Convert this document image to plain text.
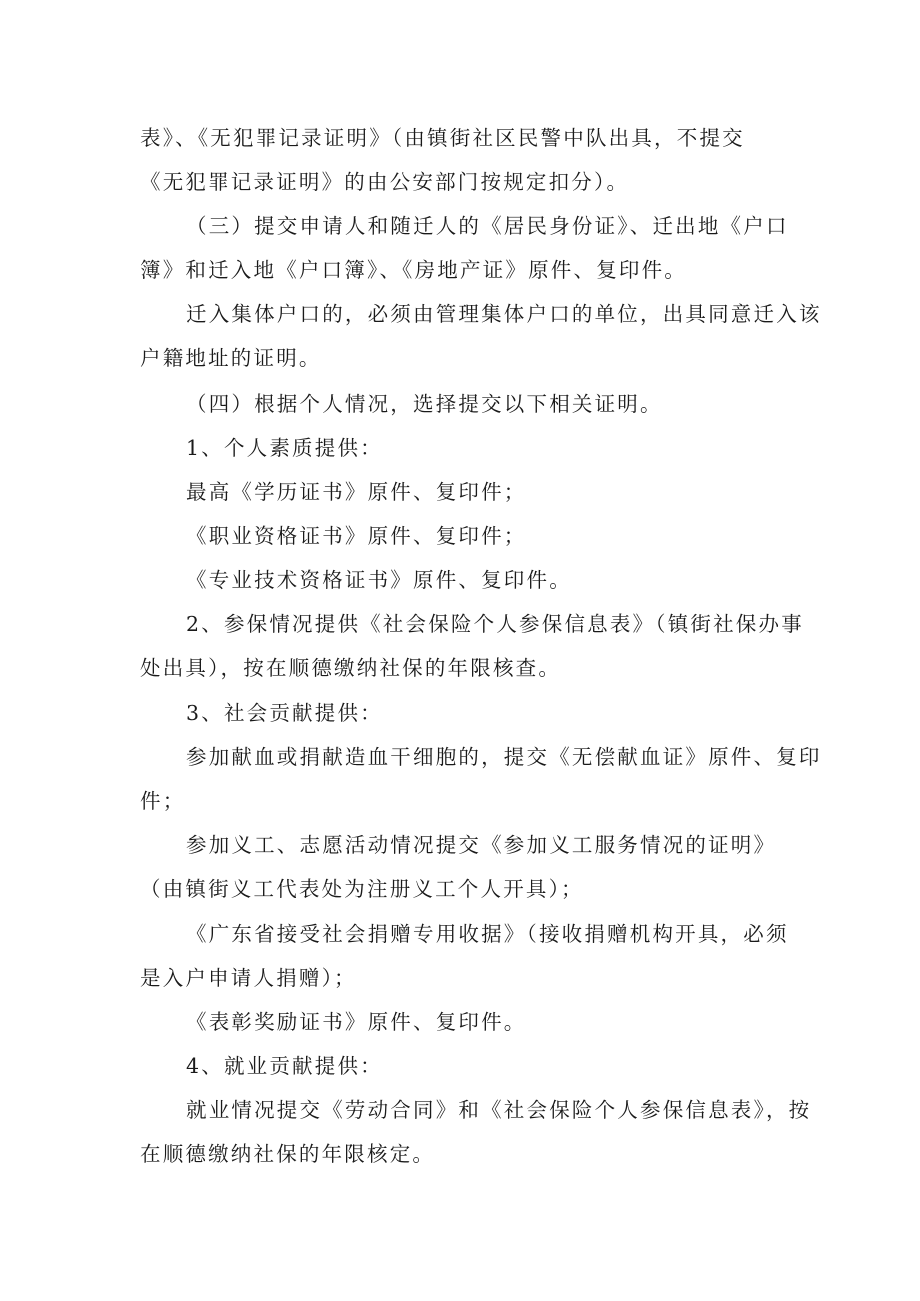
表》、《无犯罪记录证明》（由镇街社区民警中队出具，不提交
《无犯罪记录证明》的由公安部门按规定扣分）。
（三）提交申请人和随迁人的《居民身份证》、迁出地《户口
簿》和迁入地《户口簿》、《房地产证》原件、复印件。
迁入集体户口的，必须由管理集体户口的单位，出具同意迁入该
户籍地址的证明。
（四）根据个人情况，选择提交以下相关证明。
1、个人素质提供：
最高《学历证书》原件、复印件；
《职业资格证书》原件、复印件；
《专业技术资格证书》原件、复印件。
2、参保情况提供《社会保险个人参保信息表》（镇街社保办事
处出具），按在顺德缴纳社保的年限核查。
3、社会贡献提供：
参加献血或捐献造血干细胞的，提交《无偿献血证》原件、复印
件；
参加义工、志愿活动情况提交《参加义工服务情况的证明》
（由镇街义工代表处为注册义工个人开具）；
《广东省接受社会捐赠专用收据》（接收捐赠机构开具，必须
是入户申请人捐赠）；
《表彰奖励证书》原件、复印件。
4、就业贡献提供：
就业情况提交《劳动合同》和《社会保险个人参保信息表》，按
在顺德缴纳社保的年限核定。
